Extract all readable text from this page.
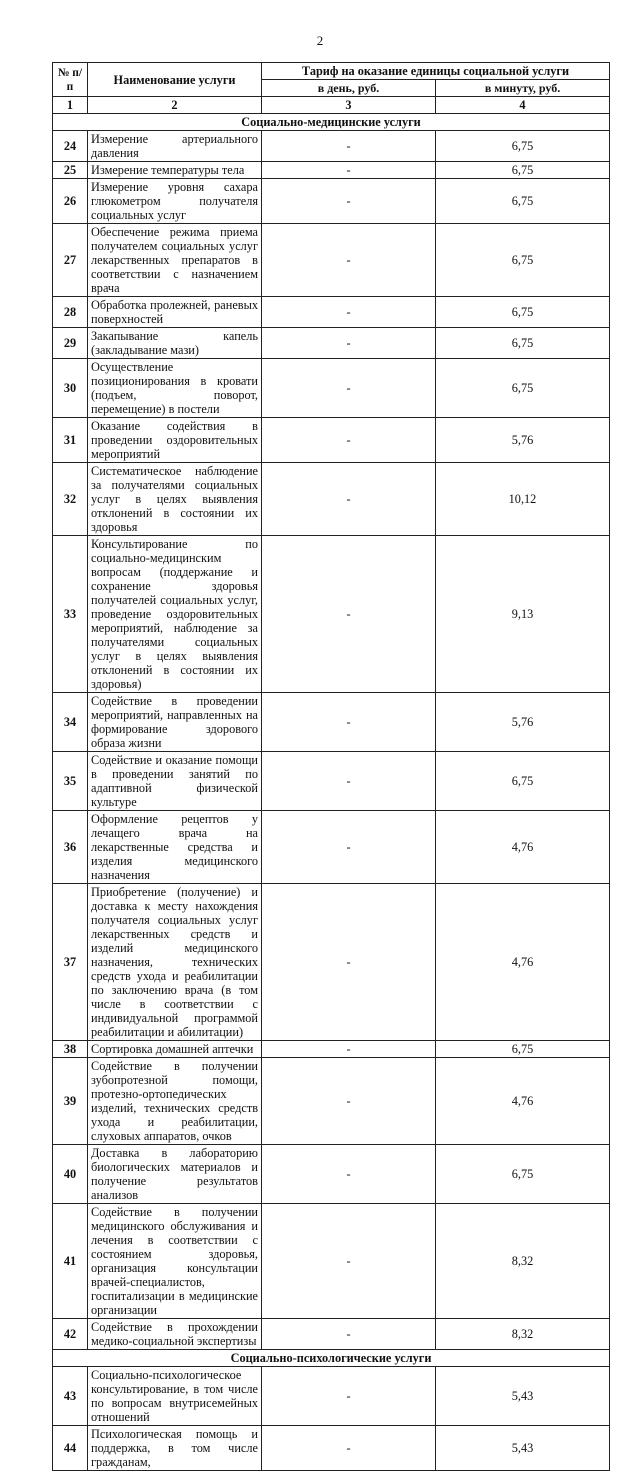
2
№ п/п	Наименование услуги	Тариф на оказание единицы социальной услуги	
		в день, руб.	в минуту, руб.
1	2	3	4
Социально-медицинские услуги			
24	Измерение артериального давления	-	6,75
25	Измерение температуры тела	-	6,75
26	Измерение уровня сахара глюкометром получателя социальных услуг	-	6,75
27	Обеспечение режима приема получателем социальных услуг лекарственных препаратов в соответствии с назначением врача	-	6,75
28	Обработка пролежней, раневых поверхностей	-	6,75
29	Закапывание капель (закладывание мази)	-	6,75
30	Осуществление позиционирования в кровати (подъем, поворот, перемещение) в постели	-	6,75
31	Оказание содействия в проведении оздоровительных мероприятий	-	5,76
32	Систематическое наблюдение за получателями социальных услуг в целях выявления отклонений в состоянии их здоровья	-	10,12
33	Консультирование по социально-медицинским вопросам (поддержание и сохранение здоровья получателей социальных услуг, проведение оздоровительных мероприятий, наблюдение за получателями социальных услуг в целях выявления отклонений в состоянии их здоровья)	-	9,13
34	Содействие в проведении мероприятий, направленных на формирование здорового образа жизни	-	5,76
35	Содействие и оказание помощи в проведении занятий по адаптивной физической культуре	-	6,75
36	Оформление рецептов у лечащего врача на лекарственные средства и изделия медицинского назначения	-	4,76
37	Приобретение (получение) и доставка к месту нахождения получателя социальных услуг лекарственных средств и изделий медицинского назначения, технических средств ухода и реабилитации по заключению врача (в том числе в соответствии с индивидуальной программой реабилитации и абилитации)	-	4,76
38	Сортировка домашней аптечки	-	6,75
39	Содействие в получении зубопротезной помощи, протезно-ортопедических изделий, технических средств ухода и реабилитации, слуховых аппаратов, очков	-	4,76
40	Доставка в лабораторию биологических материалов и получение результатов анализов	-	6,75
41	Содействие в получении медицинского обслуживания и лечения в соответствии с состоянием здоровья, организация консультации врачей-специалистов, госпитализации в медицинские организации	-	8,32
42	Содействие в прохождении медико-социальной экспертизы	-	8,32
Социально-психологические услуги			
43	Социально-психологическое консультирование, в том числе по вопросам внутрисемейных отношений	-	5,43
44	Психологическая помощь и поддержка, в том числе гражданам,	-	5,43
